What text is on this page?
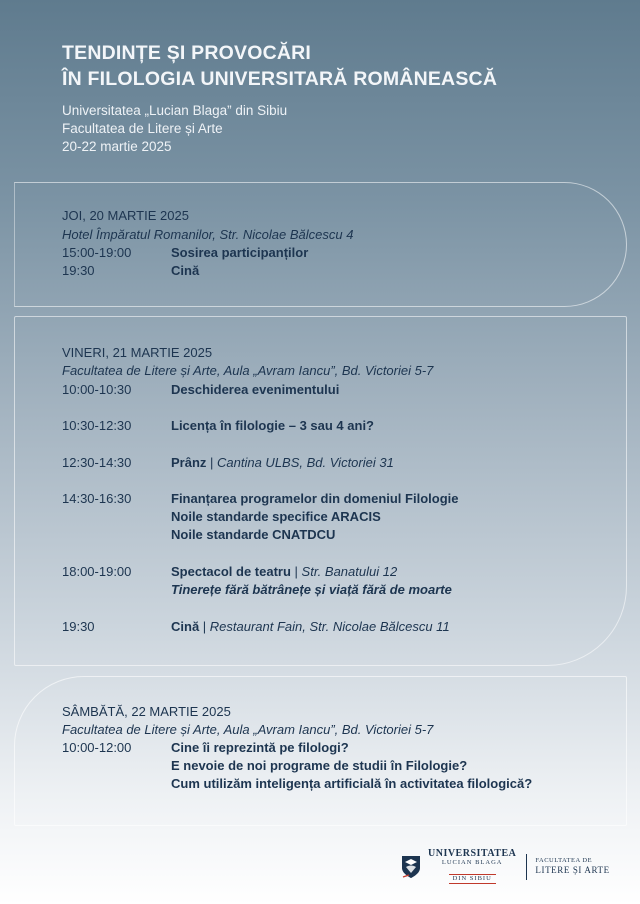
TENDINȚE ȘI PROVOCĂRI
ÎN FILOLOGIA UNIVERSITARĂ ROMÂNEASCĂ
Universitatea „Lucian Blaga” din Sibiu
Facultatea de Litere și Arte
20-22 martie 2025
JOI, 20 MARTIE 2025
Hotel Împăratul Romanilor, Str. Nicolae Bălcescu 4
15:00-19:00	Sosirea participanților
19:30	Cină
VINERI, 21 MARTIE 2025
Facultatea de Litere și Arte, Aula „Avram Iancu”, Bd. Victoriei 5-7
10:00-10:30	Deschiderea evenimentului
10:30-12:30	Licența în filologie – 3 sau 4 ani?
12:30-14:30	Prânz | Cantina ULBS, Bd. Victoriei 31
14:30-16:30	Finanțarea programelor din domeniul Filologie
Noile standarde specifice ARACIS
Noile standarde CNATDCU
18:00-19:00	Spectacol de teatru | Str. Banatului 12
Tinerețe fără bătrânețe și viață fără de moarte
19:30	Cină | Restaurant Fain, Str. Nicolae Bălcescu 11
SÂMBĂTĂ, 22 MARTIE 2025
Facultatea de Litere și Arte, Aula „Avram Iancu”, Bd. Victoriei 5-7
10:00-12:00	Cine îi reprezintă pe filologi?
E nevoie de noi programe de studii în Filologie?
Cum utilizăm inteligența artificială în activitatea filologică?
UNIVERSITATEA
LUCIAN BLAGA
DIN SIBIU
FACULTATEA DE
LITERE ȘI ARTE
